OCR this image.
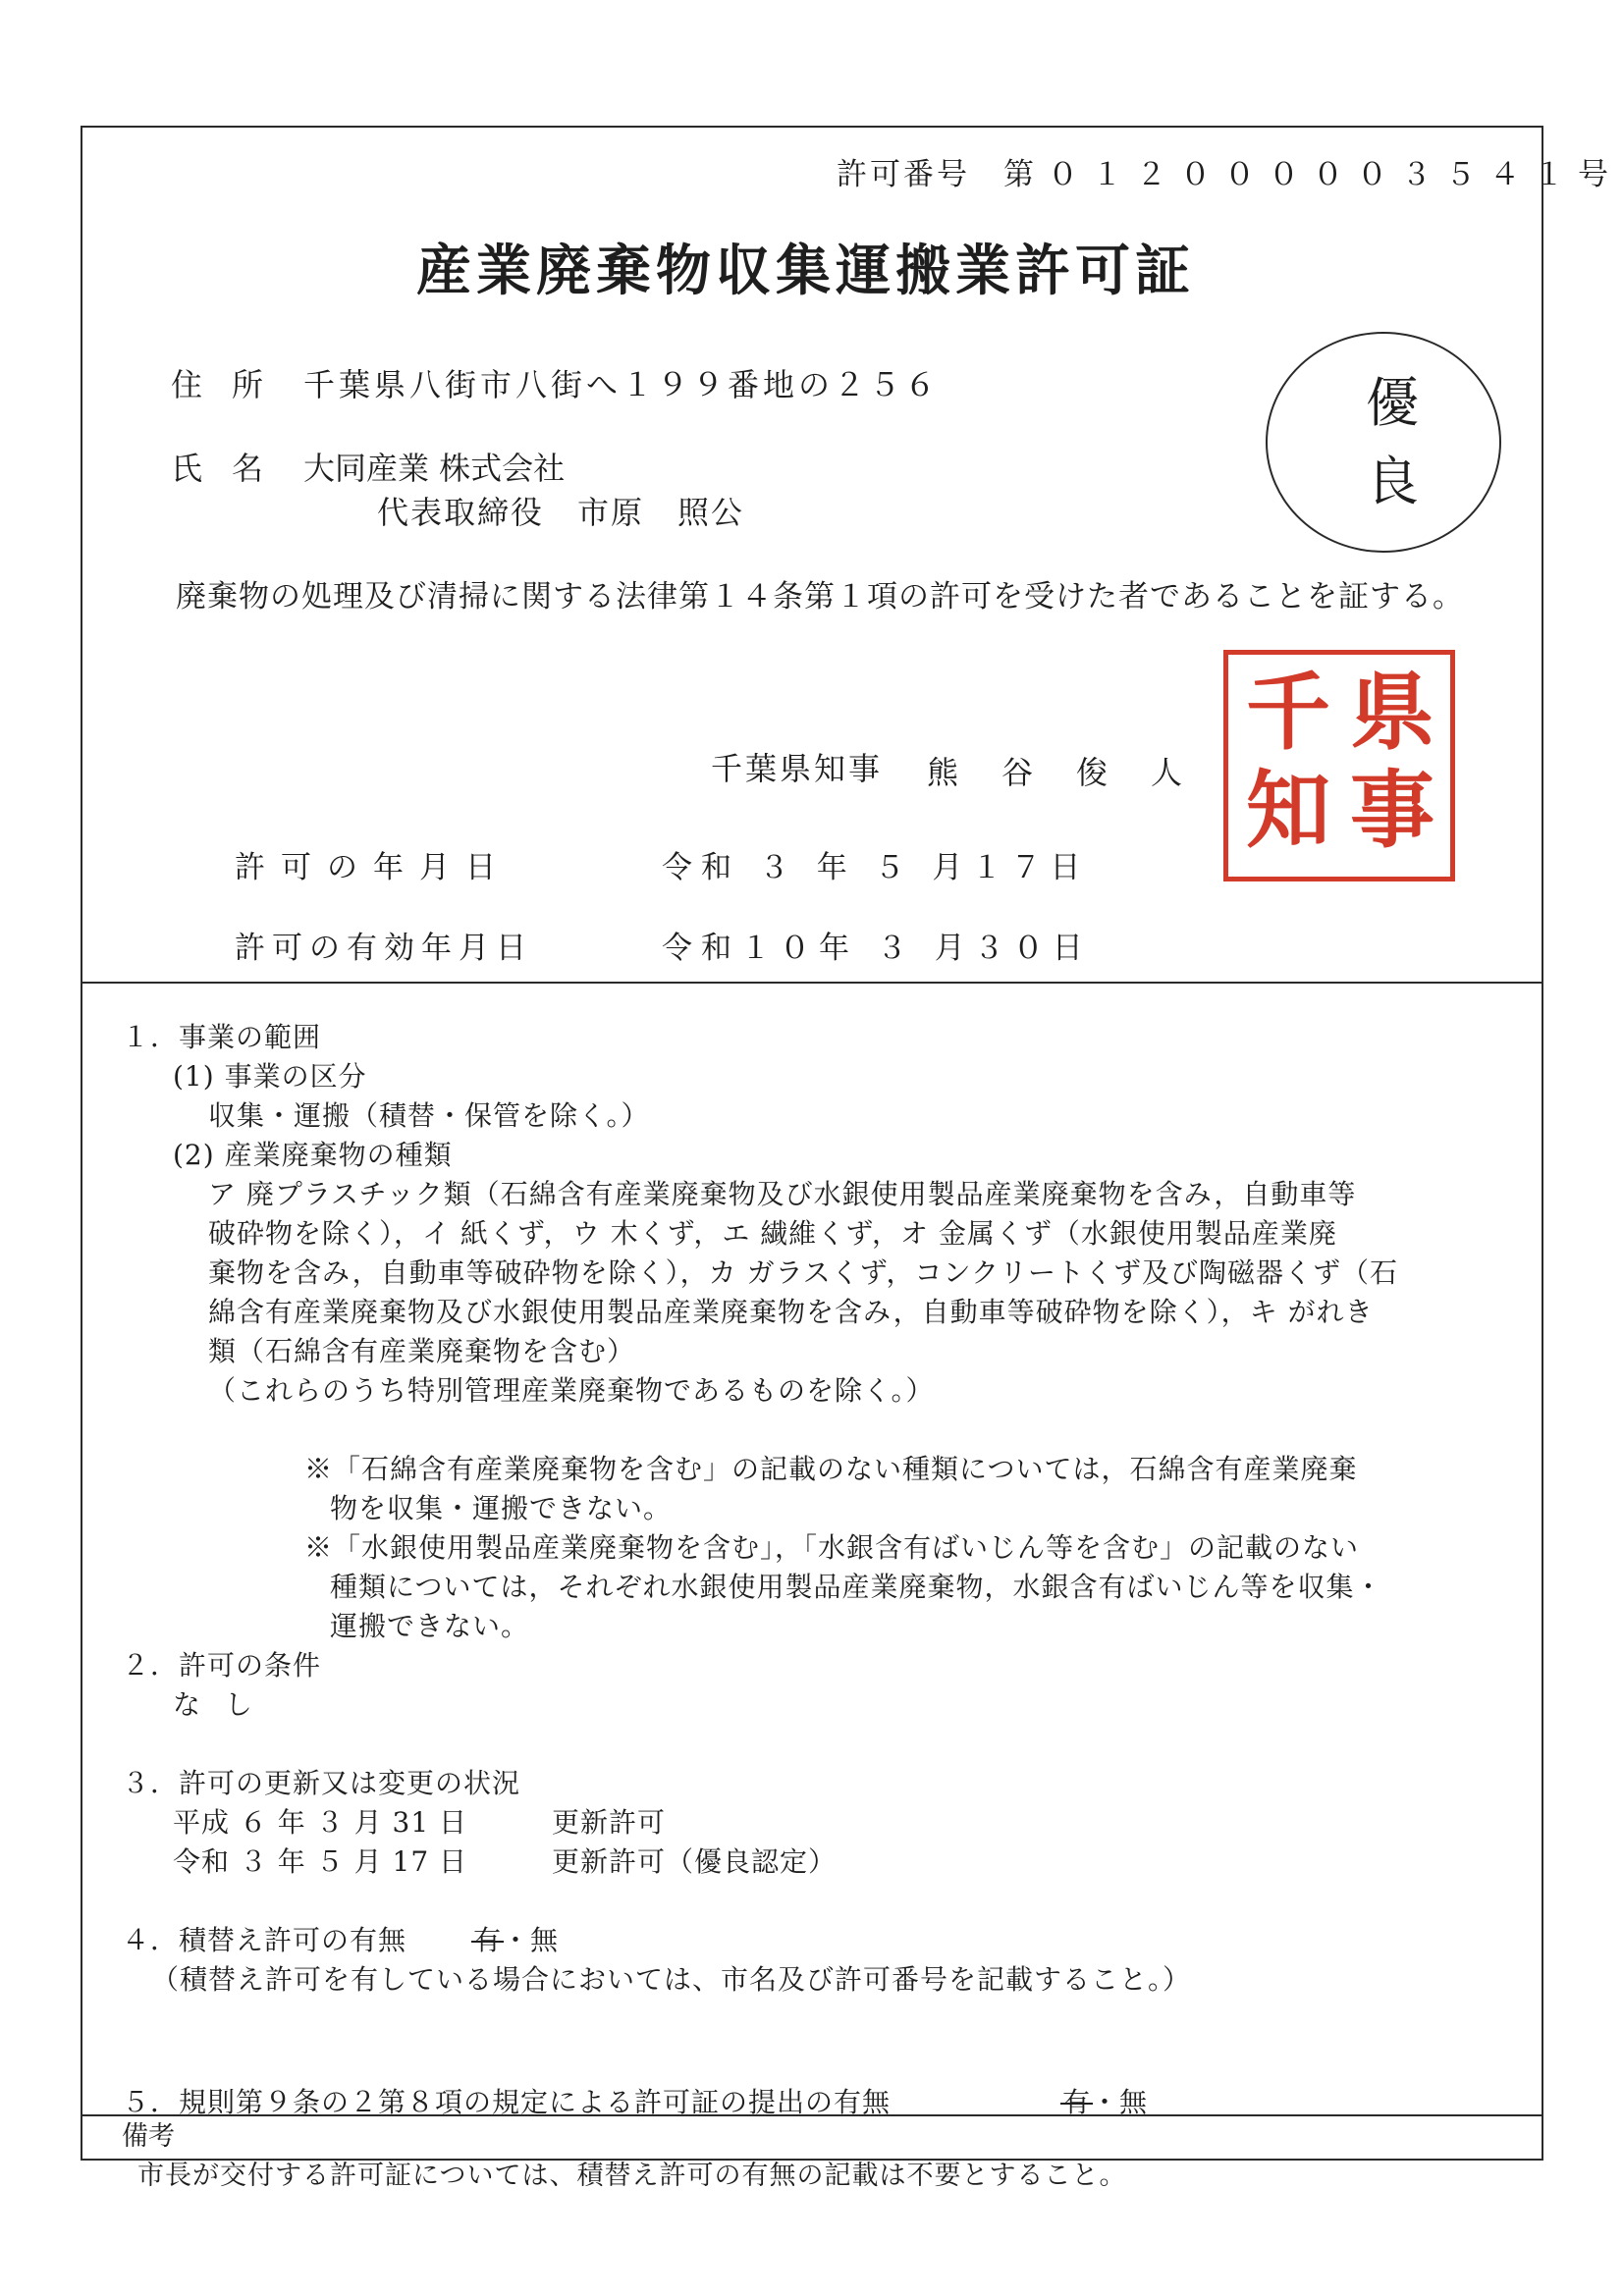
許可番号　 第０１２０００００３５４１号
産業廃棄物収集運搬業許可証
住所 千葉県八街市八街へ１９９番地の２５６
氏名 大同産業 株式会社
代表取締役　市原　照公
優
良
廃棄物の処理及び清掃に関する法律第１４条第１項の許可を受けた者であることを証する。
千葉県知事 熊谷俊人
県
事
千
知
許可の年月日	令和 ３ 年 ５ 月１７日
許可の有効年月日	令和１０年 ３ 月３０日
１．事業の範囲
(1) 事業の区分
収集・運搬（積替・保管を除く。）
(2) 産業廃棄物の種類
ア 廃プラスチック類（石綿含有産業廃棄物及び水銀使用製品産業廃棄物を含み，自動車等
破砕物を除く），イ 紙くず，ウ 木くず，エ 繊維くず，オ 金属くず（水銀使用製品産業廃
棄物を含み，自動車等破砕物を除く），カ ガラスくず，コンクリートくず及び陶磁器くず（石
綿含有産業廃棄物及び水銀使用製品産業廃棄物を含み，自動車等破砕物を除く），キ がれき
類（石綿含有産業廃棄物を含む）
（これらのうち特別管理産業廃棄物であるものを除く。）
※「石綿含有産業廃棄物を含む」の記載のない種類については，石綿含有産業廃棄
物を収集・運搬できない。
※「水銀使用製品産業廃棄物を含む」，「水銀含有ばいじん等を含む」の記載のない
種類については，それぞれ水銀使用製品産業廃棄物，水銀含有ばいじん等を収集・
運搬できない。
２．許可の条件
な し
３．許可の更新又は変更の状況
平成 ６ 年 ３ 月 31 日	更新許可
令和 ３ 年 ５ 月 17 日	更新許可（優良認定）
４．積替え許可の有無 有・無
（積替え許可を有している場合においては、市名及び許可番号を記載すること。）
５．規則第９条の２第８項の規定による許可証の提出の有無	有・無
備考
市長が交付する許可証については、積替え許可の有無の記載は不要とすること。
